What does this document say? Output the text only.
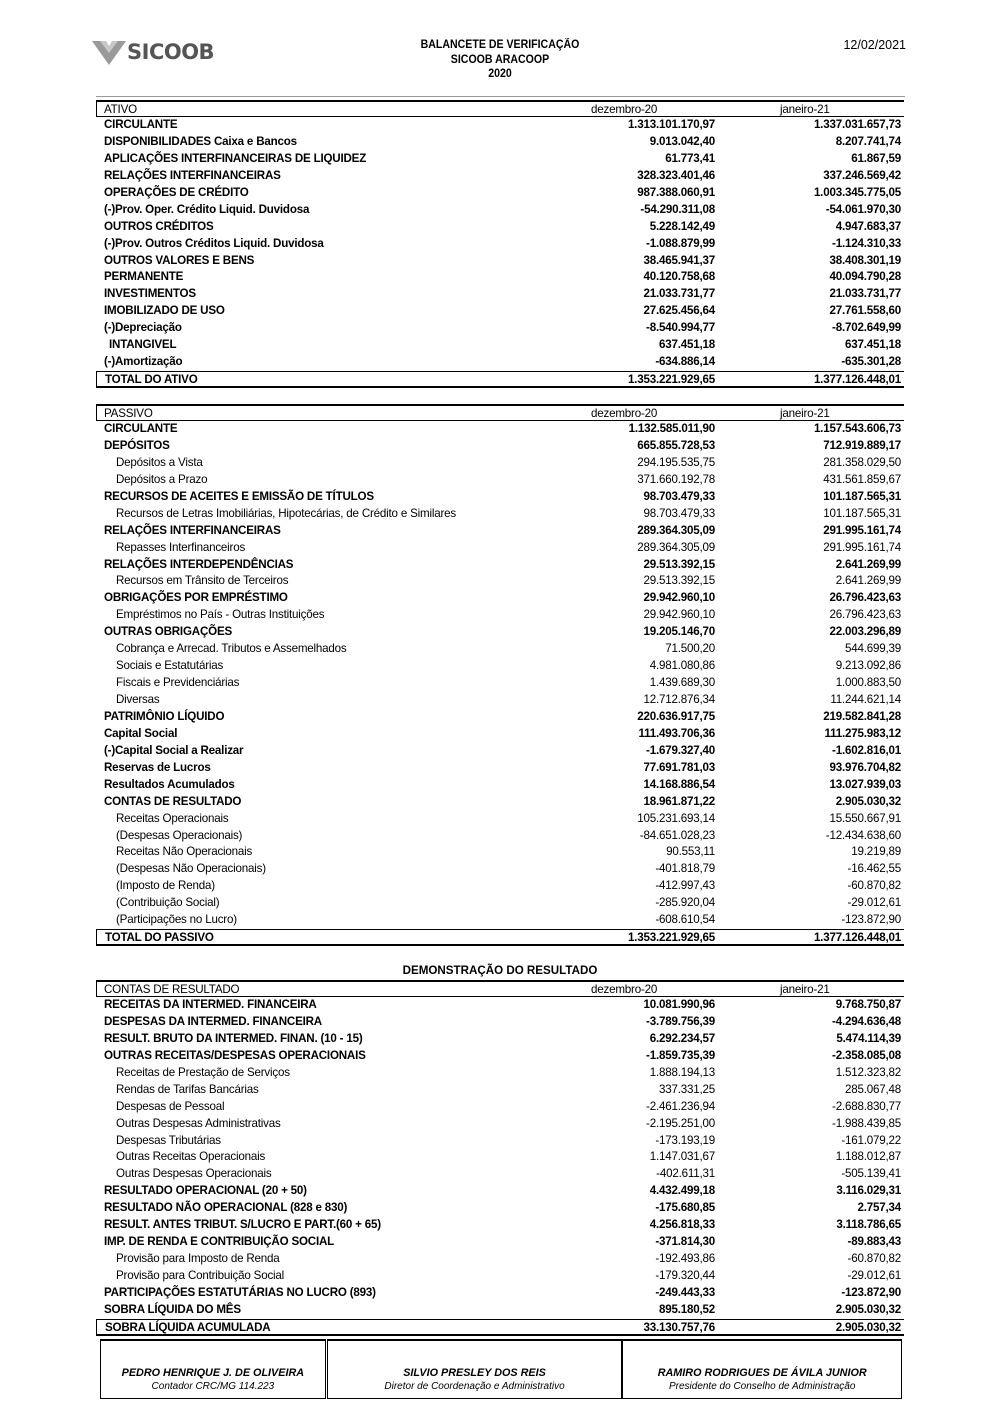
SICOOB	BALANCETE DE VERIFICAÇÃO
SICOOB ARACOOP
2020
12/02/2021
ATIVO	dezembro-20	janeiro-21
CIRCULANTE	1.313.101.170,97	1.337.031.657,73
DISPONIBILIDADES Caixa e Bancos	9.013.042,40	8.207.741,74
APLICAÇÕES INTERFINANCEIRAS DE LIQUIDEZ	61.773,41	61.867,59
RELAÇÕES INTERFINANCEIRAS	328.323.401,46	337.246.569,42
OPERAÇÕES DE CRÉDITO	987.388.060,91	1.003.345.775,05
(-)Prov. Oper. Crédito Liquid. Duvidosa	-54.290.311,08	-54.061.970,30
OUTROS CRÉDITOS	5.228.142,49	4.947.683,37
(-)Prov. Outros Créditos Liquid. Duvidosa	-1.088.879,99	-1.124.310,33
OUTROS VALORES E BENS	38.465.941,37	38.408.301,19
PERMANENTE	40.120.758,68	40.094.790,28
INVESTIMENTOS	21.033.731,77	21.033.731,77
IMOBILIZADO DE USO	27.625.456,64	27.761.558,60
(-)Depreciação	-8.540.994,77	-8.702.649,99
INTANGIVEL	637.451,18	637.451,18
(-)Amortização	-634.886,14	-635.301,28
TOTAL DO ATIVO	1.353.221.929,65	1.377.126.448,01
PASSIVO	dezembro-20	janeiro-21
CIRCULANTE	1.132.585.011,90	1.157.543.606,73
DEPÓSITOS	665.855.728,53	712.919.889,17
Depósitos a Vista	294.195.535,75	281.358.029,50
Depósitos a Prazo	371.660.192,78	431.561.859,67
RECURSOS DE ACEITES E EMISSÃO DE TÍTULOS	98.703.479,33	101.187.565,31
Recursos de Letras Imobiliárias, Hipotecárias, de Crédito e Similares	98.703.479,33	101.187.565,31
RELAÇÕES INTERFINANCEIRAS	289.364.305,09	291.995.161,74
Repasses Interfinanceiros	289.364.305,09	291.995.161,74
RELAÇÕES INTERDEPENDÊNCIAS	29.513.392,15	2.641.269,99
Recursos em Trânsito de Terceiros	29.513.392,15	2.641.269,99
OBRIGAÇÕES POR EMPRÉSTIMO	29.942.960,10	26.796.423,63
Empréstimos no País - Outras Instituições	29.942.960,10	26.796.423,63
OUTRAS OBRIGAÇÕES	19.205.146,70	22.003.296,89
Cobrança e Arrecad. Tributos e Assemelhados	71.500,20	544.699,39
Sociais e Estatutárias	4.981.080,86	9.213.092,86
Fiscais e Previdenciárias	1.439.689,30	1.000.883,50
Diversas	12.712.876,34	11.244.621,14
PATRIMÔNIO LÍQUIDO	220.636.917,75	219.582.841,28
Capital Social	111.493.706,36	111.275.983,12
(-)Capital Social a Realizar	-1.679.327,40	-1.602.816,01
Reservas de Lucros	77.691.781,03	93.976.704,82
Resultados Acumulados	14.168.886,54	13.027.939,03
CONTAS DE RESULTADO	18.961.871,22	2.905.030,32
Receitas Operacionais	105.231.693,14	15.550.667,91
(Despesas Operacionais)	-84.651.028,23	-12.434.638,60
Receitas Não Operacionais	90.553,11	19.219,89
(Despesas Não Operacionais)	-401.818,79	-16.462,55
(Imposto de Renda)	-412.997,43	-60.870,82
(Contribuição Social)	-285.920,04	-29.012,61
(Participações no Lucro)	-608.610,54	-123.872,90
TOTAL DO PASSIVO	1.353.221.929,65	1.377.126.448,01
DEMONSTRAÇÃO DO RESULTADO
CONTAS DE RESULTADO	dezembro-20	janeiro-21
RECEITAS DA INTERMED. FINANCEIRA	10.081.990,96	9.768.750,87
DESPESAS DA INTERMED. FINANCEIRA	-3.789.756,39	-4.294.636,48
RESULT. BRUTO DA INTERMED. FINAN. (10 - 15)	6.292.234,57	5.474.114,39
OUTRAS RECEITAS/DESPESAS OPERACIONAIS	-1.859.735,39	-2.358.085,08
Receitas de Prestação de Serviços	1.888.194,13	1.512.323,82
Rendas de Tarifas Bancárias	337.331,25	285.067,48
Despesas de Pessoal	-2.461.236,94	-2.688.830,77
Outras Despesas Administrativas	-2.195.251,00	-1.988.439,85
Despesas Tributárias	-173.193,19	-161.079,22
Outras Receitas Operacionais	1.147.031,67	1.188.012,87
Outras Despesas Operacionais	-402.611,31	-505.139,41
RESULTADO OPERACIONAL (20 + 50)	4.432.499,18	3.116.029,31
RESULTADO NÃO OPERACIONAL (828 e 830)	-175.680,85	2.757,34
RESULT. ANTES TRIBUT. S/LUCRO E PART.(60 + 65)	4.256.818,33	3.118.786,65
IMP. DE RENDA E CONTRIBUIÇÃO SOCIAL	-371.814,30	-89.883,43
Provisão para Imposto de Renda	-192.493,86	-60.870,82
Provisão para Contribuição Social	-179.320,44	-29.012,61
PARTICIPAÇÕES ESTATUTÁRIAS NO LUCRO (893)	-249.443,33	-123.872,90
SOBRA LÍQUIDA DO MÊS	895.180,52	2.905.030,32
SOBRA LÍQUIDA ACUMULADA	33.130.757,76	2.905.030,32
PEDRO HENRIQUE J. DE OLIVEIRA
Contador CRC/MG 114.223
SILVIO PRESLEY DOS REIS
Diretor de Coordenação e Administrativo
RAMIRO RODRIGUES DE ÁVILA JUNIOR
Presidente do Conselho de Administração
